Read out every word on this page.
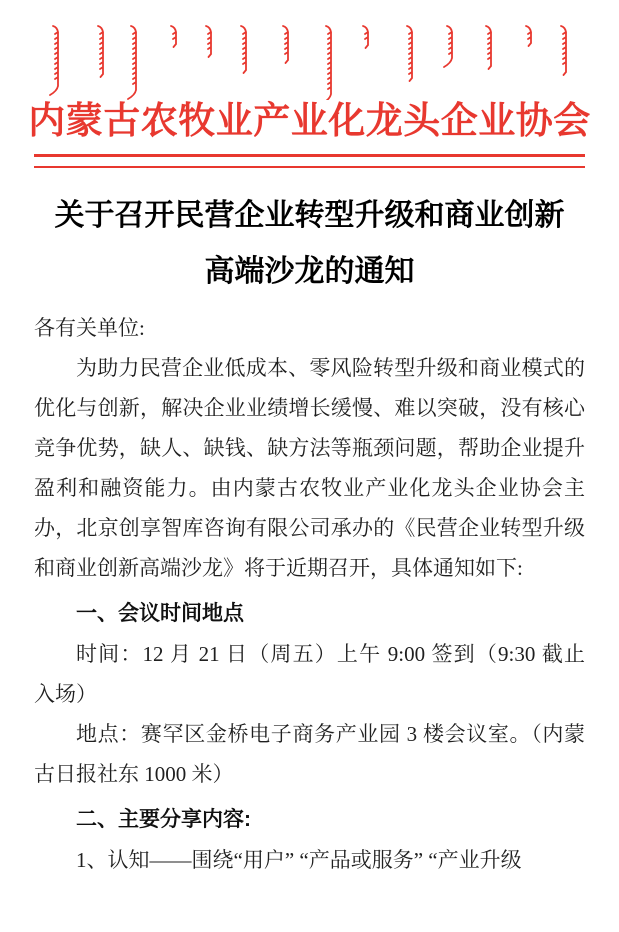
内蒙古农牧业产业化龙头企业协会
关于召开民营企业转型升级和商业创新
高端沙龙的通知

各有关单位:

为助力民营企业低成本、零风险转型升级和商业模式的
优化与创新，解决企业业绩增长缓慢、难以突破，没有核心
竞争优势，缺人、缺钱、缺方法等瓶颈问题，帮助企业提升
盈利和融资能力。由内蒙古农牧业产业化龙头企业协会主
办，北京创享智库咨询有限公司承办的《民营企业转型升级
和商业创新高端沙龙》将于近期召开，具体通知如下:
一、会议时间地点
时间：12 月 21 日（周五）上午 9:00 签到（9:30 截止
入场）
地点：赛罕区金桥电子商务产业园 3 楼会议室。（内蒙
古日报社东 1000 米）
二、主要分享内容:
1、认知——围绕“用户” “产品或服务” “产业升级
